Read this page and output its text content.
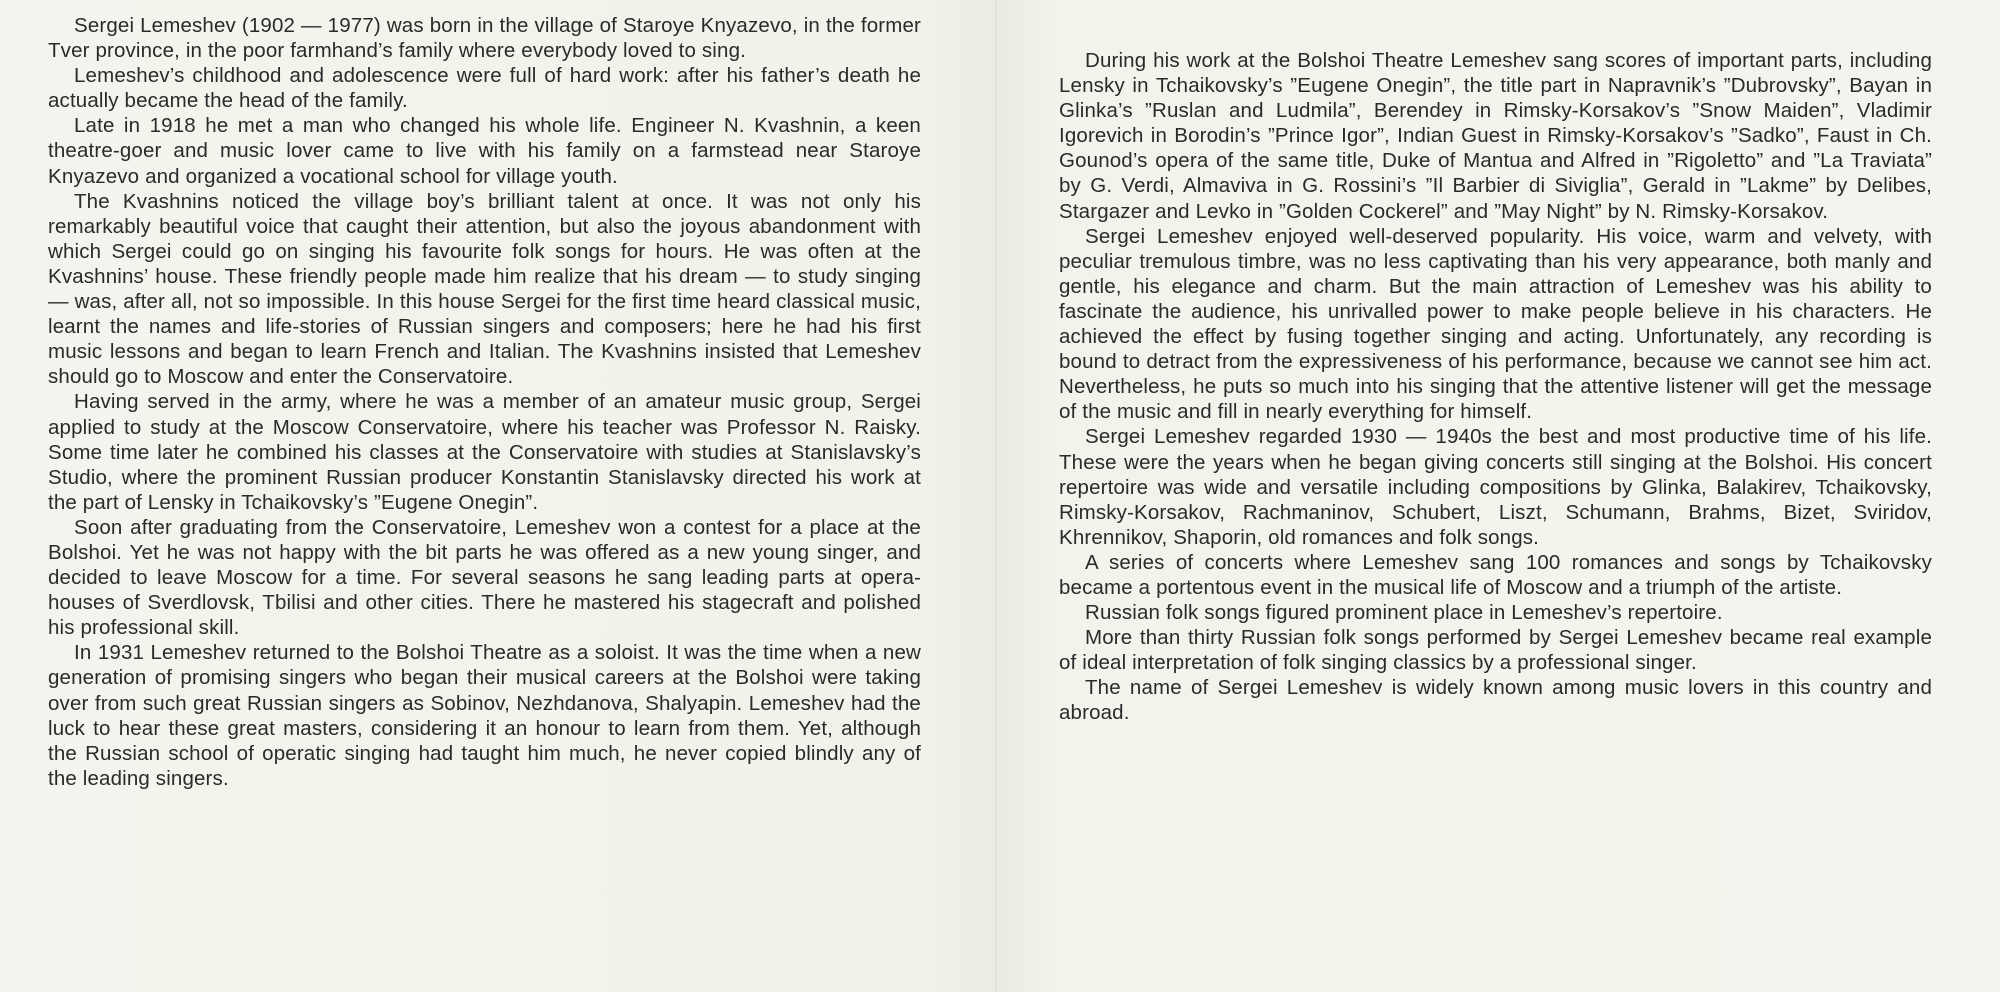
Sergei Lemeshev (1902 — 1977) was born in the village of Staroye Knyazevo, in the former Tver province, in the poor farmhand’s family where everybody loved to sing.

Lemeshev’s childhood and adolescence were full of hard work: after his father’s death he actually became the head of the family.

Late in 1918 he met a man who changed his whole life. Engineer N. Kvashnin, a keen theatre-goer and music lover came to live with his family on a farmstead near Staroye Knyazevo and organized a vocational school for village youth.

The Kvashnins noticed the village boy’s brilliant talent at once. It was not only his remarkably beautiful voice that caught their attention, but also the joyous abandonment with which Sergei could go on singing his favourite folk songs for hours. He was often at the Kvashnins’ house. These friendly people made him realize that his dream — to study singing — was, after all, not so impossible. In this house Sergei for the first time heard classical music, learnt the names and life-stories of Russian singers and composers; here he had his first music lessons and began to learn French and Italian. The Kvashnins insisted that Lemeshev should go to Moscow and enter the Conservatoire.

Having served in the army, where he was a member of an amateur music group, Sergei applied to study at the Moscow Conservatoire, where his teacher was Professor N. Raisky. Some time later he combined his classes at the Conservatoire with studies at Stanislavsky’s Studio, where the prominent Russian producer Konstantin Stanislavsky directed his work at the part of Lensky in Tchaikovsky’s ”Eugene Onegin”.

Soon after graduating from the Conservatoire, Lemeshev won a contest for a place at the Bolshoi. Yet he was not happy with the bit parts he was offered as a new young singer, and decided to leave Moscow for a time. For several seasons he sang leading parts at opera-houses of Sverdlovsk, Tbilisi and other cities. There he mastered his stagecraft and polished his professional skill.

In 1931 Lemeshev returned to the Bolshoi Theatre as a soloist. It was the time when a new generation of promising singers who began their musical careers at the Bolshoi were taking over from such great Russian singers as Sobinov, Nezhdanova, Shalyapin. Lemeshev had the luck to hear these great masters, considering it an honour to learn from them. Yet, although the Russian school of operatic singing had taught him much, he never copied blindly any of the leading singers.

During his work at the Bolshoi Theatre Lemeshev sang scores of important parts, including Lensky in Tchaikovsky’s ”Eugene Onegin”, the title part in Napravnik’s ”Dubrovsky”, Bayan in Glinka’s ”Ruslan and Ludmila”, Berendey in Rimsky-Korsakov’s ”Snow Maiden”, Vladimir Igorevich in Borodin’s ”Prince Igor”, Indian Guest in Rimsky-Korsakov’s ”Sadko”, Faust in Ch. Gounod’s opera of the same title, Duke of Mantua and Alfred in ”Rigoletto” and ”La Traviata” by G. Verdi, Almaviva in G. Rossini’s ”Il Barbier di Siviglia”, Gerald in ”Lakme” by Delibes, Stargazer and Levko in ”Golden Cockerel” and ”May Night” by N. Rimsky-Korsakov.

Sergei Lemeshev enjoyed well-deserved popularity. His voice, warm and velvety, with peculiar tremulous timbre, was no less captivating than his very appearance, both manly and gentle, his elegance and charm. But the main attraction of Lemeshev was his ability to fascinate the audience, his unrivalled power to make people believe in his characters. He achieved the effect by fusing together singing and acting. Unfortunately, any recording is bound to detract from the expressiveness of his performance, because we cannot see him act. Nevertheless, he puts so much into his singing that the attentive listener will get the message of the music and fill in nearly everything for himself.

Sergei Lemeshev regarded 1930 — 1940s the best and most productive time of his life. These were the years when he began giving concerts still singing at the Bolshoi. His concert repertoire was wide and versatile including compositions by Glinka, Balakirev, Tchaikovsky, Rimsky-Korsakov, Rachmaninov, Schubert, Liszt, Schumann, Brahms, Bizet, Sviridov, Khrennikov, Shaporin, old romances and folk songs.

A series of concerts where Lemeshev sang 100 romances and songs by Tchaikovsky became a portentous event in the musical life of Moscow and a triumph of the artiste.

Russian folk songs figured prominent place in Lemeshev’s repertoire.

More than thirty Russian folk songs performed by Sergei Lemeshev became real example of ideal interpretation of folk singing classics by a professional singer.

The name of Sergei Lemeshev is widely known among music lovers in this country and abroad.
